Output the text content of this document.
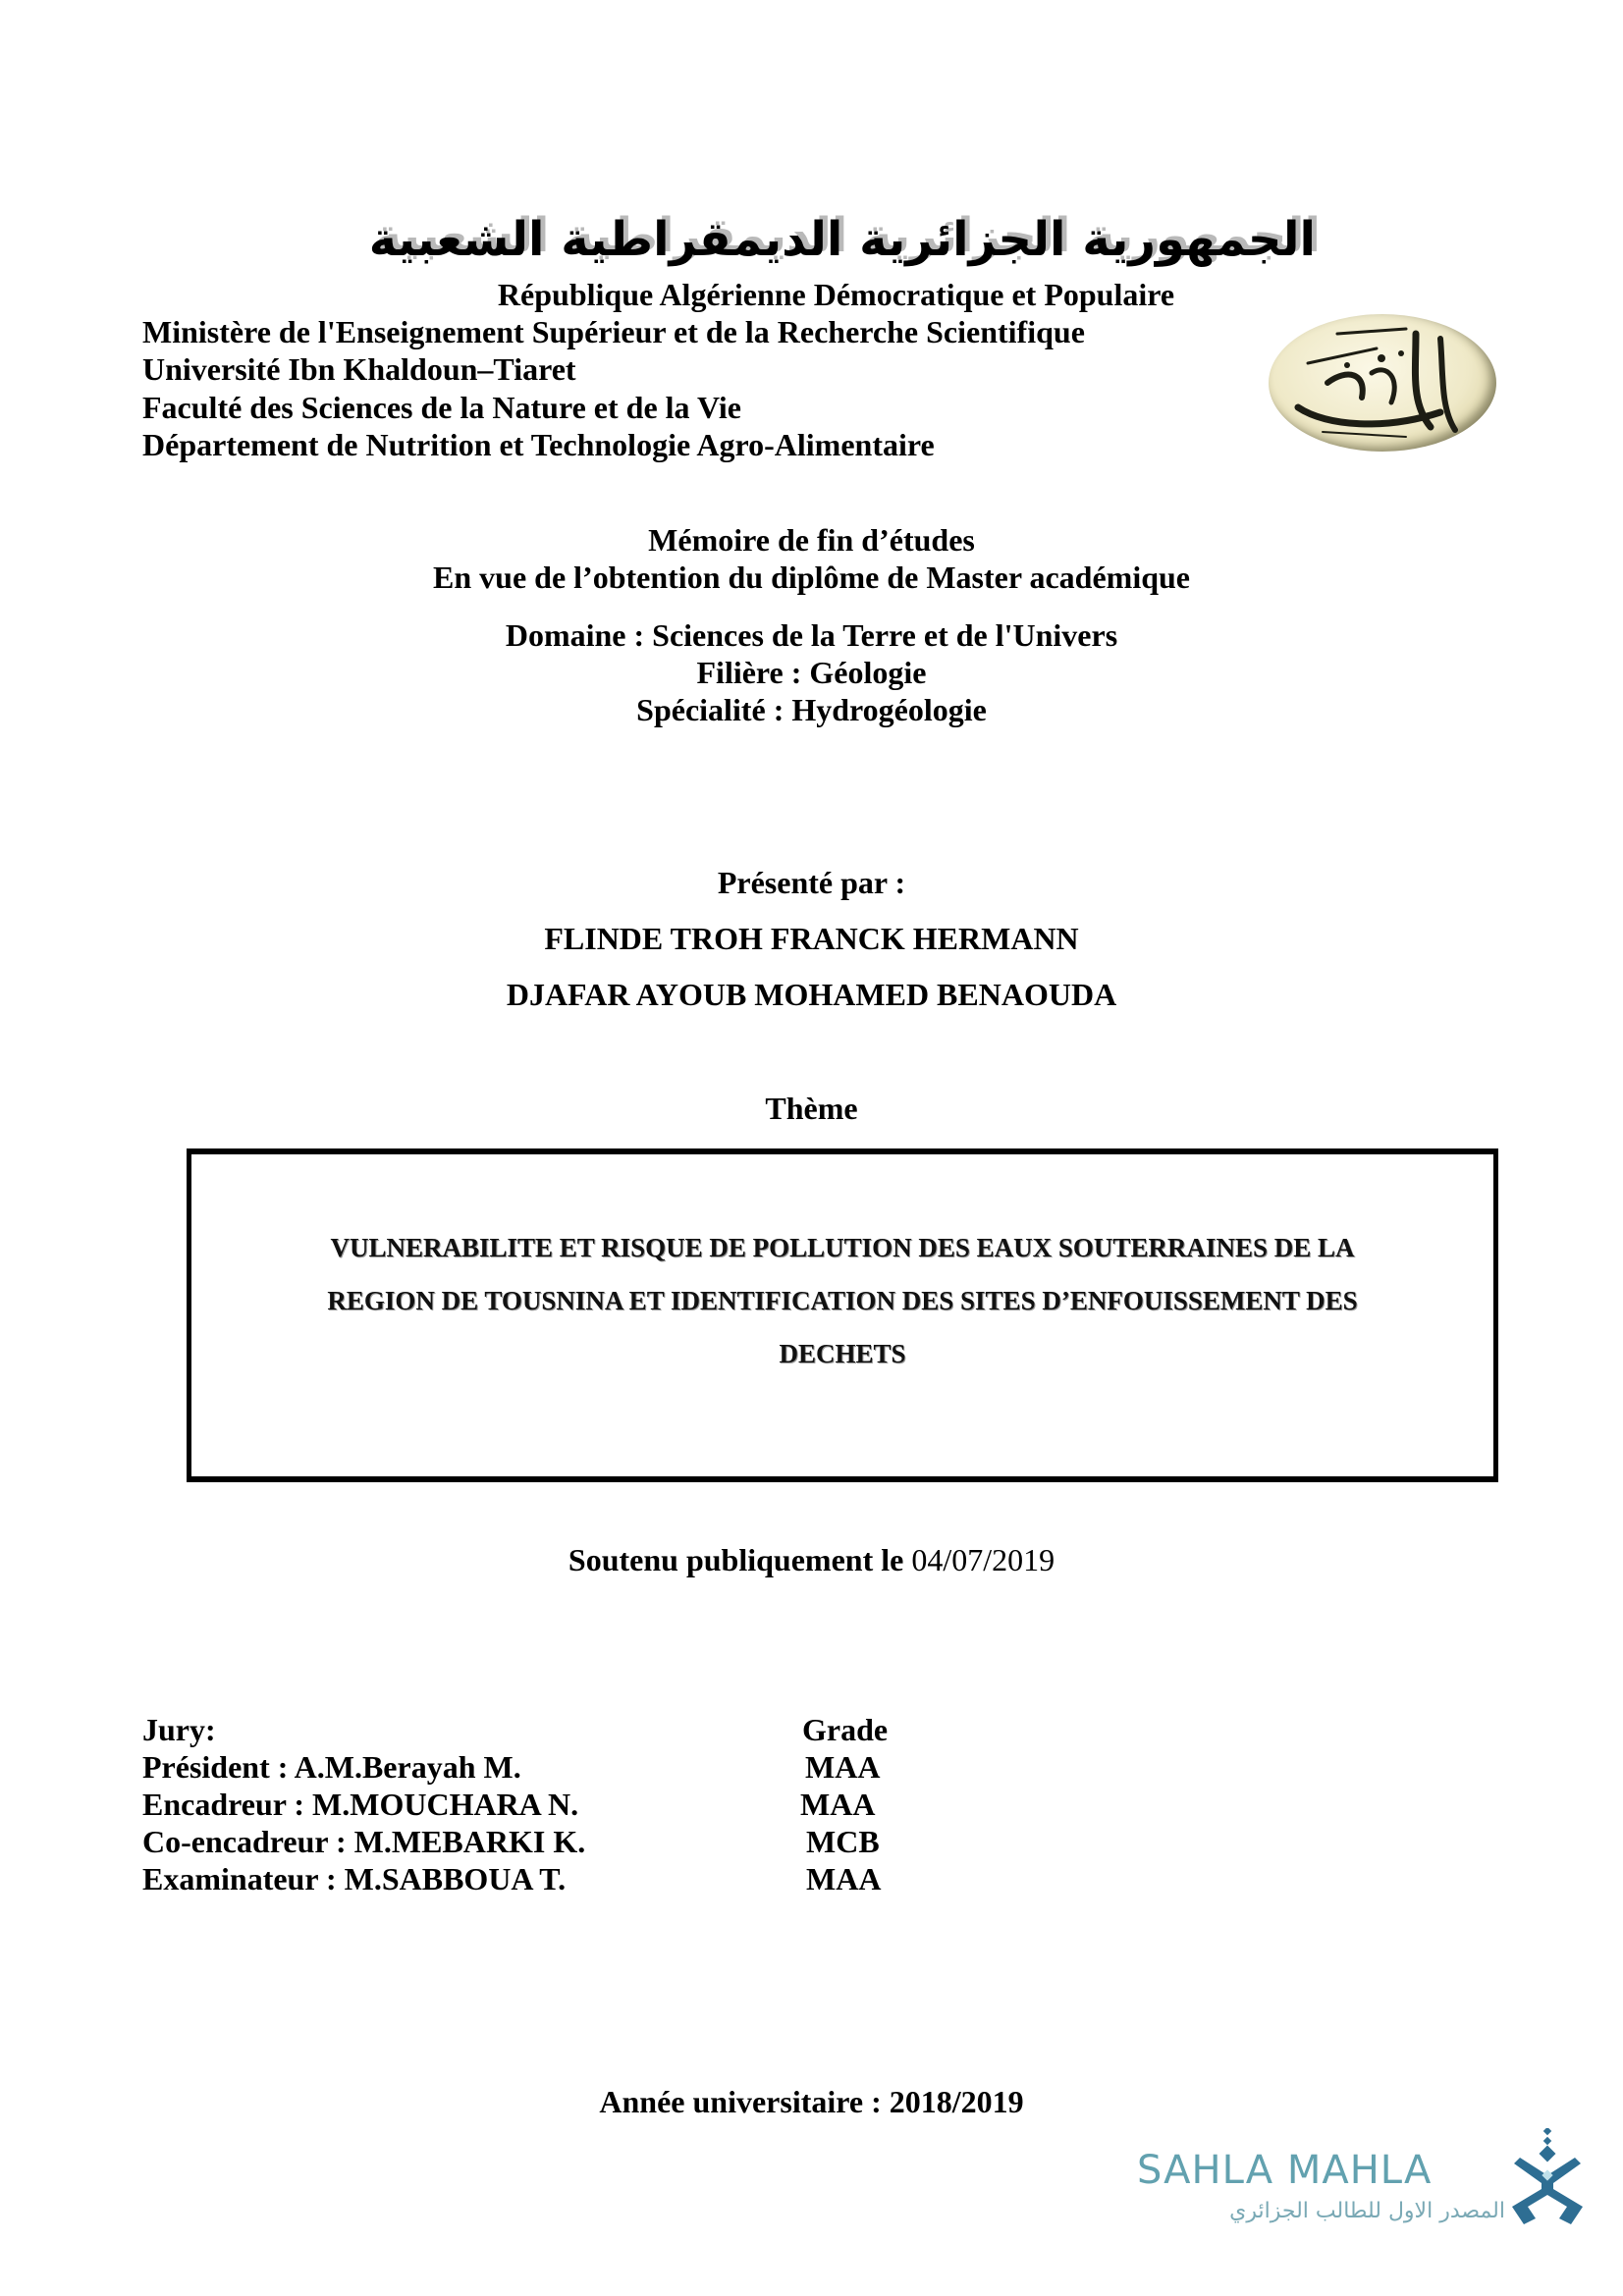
الجمهورية الجزائرية الديمقراطية الشعبية
République Algérienne Démocratique et Populaire
Ministère de l'Enseignement Supérieur et de la Recherche Scientifique
Université Ibn Khaldoun–Tiaret
Faculté des Sciences de la Nature et de la Vie
Département de Nutrition et Technologie Agro-Alimentaire
Mémoire de fin d’études
En vue de l’obtention du diplôme de Master académique
Domaine : Sciences de la Terre et de l'Univers
Filière : Géologie
Spécialité : Hydrogéologie
Présenté par :
FLINDE TROH FRANCK HERMANN
DJAFAR AYOUB MOHAMED BENAOUDA
Thème
VULNERABILITE ET RISQUE DE POLLUTION DES EAUX SOUTERRAINES DE LA
REGION DE TOUSNINA ET IDENTIFICATION DES SITES D’ENFOUISSEMENT DES
DECHETS
Soutenu publiquement le 04/07/2019
Jury:	Grade
Président : A.M.Berayah M.	MAA
Encadreur : M.MOUCHARA N.	MAA
Co-encadreur : M.MEBARKI K.	MCB
Examinateur : M.SABBOUA T.	MAA
Année universitaire : 2018/2019
SAHLA MAHLA
المصدر الاول للطالب الجزائري
